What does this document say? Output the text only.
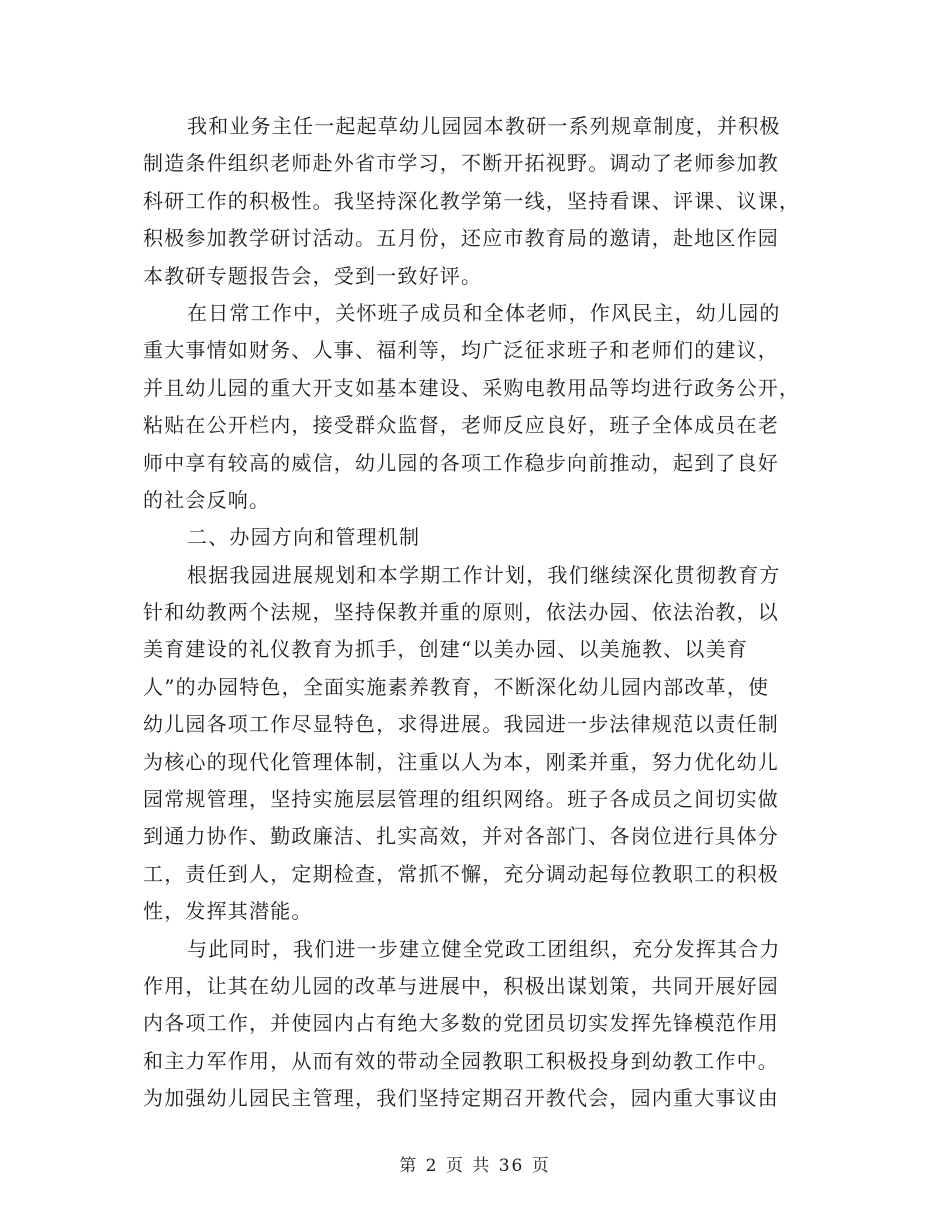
我和业务主任一起起草幼儿园园本教研一系列规章制度，并积极
制造条件组织老师赴外省市学习，不断开拓视野。调动了老师参加教
科研工作的积极性。我坚持深化教学第一线，坚持看课、评课、议课，
积极参加教学研讨活动。五月份，还应市教育局的邀请，赴地区作园
本教研专题报告会，受到一致好评。
在日常工作中，关怀班子成员和全体老师，作风民主，幼儿园的
重大事情如财务、人事、福利等，均广泛征求班子和老师们的建议，
并且幼儿园的重大开支如基本建设、采购电教用品等均进行政务公开，
粘贴在公开栏内，接受群众监督，老师反应良好，班子全体成员在老
师中享有较高的威信，幼儿园的各项工作稳步向前推动，起到了良好
的社会反响。
二、办园方向和管理机制
根据我园进展规划和本学期工作计划，我们继续深化贯彻教育方
针和幼教两个法规，坚持保教并重的原则，依法办园、依法治教，以
美育建设的礼仪教育为抓手，创建“以美办园、以美施教、以美育
人”的办园特色，全面实施素养教育，不断深化幼儿园内部改革，使
幼儿园各项工作尽显特色，求得进展。我园进一步法律规范以责任制
为核心的现代化管理体制，注重以人为本，刚柔并重，努力优化幼儿
园常规管理，坚持实施层层管理的组织网络。班子各成员之间切实做
到通力协作、勤政廉洁、扎实高效，并对各部门、各岗位进行具体分
工，责任到人，定期检查，常抓不懈，充分调动起每位教职工的积极
性，发挥其潜能。
与此同时，我们进一步建立健全党政工团组织，充分发挥其合力
作用，让其在幼儿园的改革与进展中，积极出谋划策，共同开展好园
内各项工作，并使园内占有绝大多数的党团员切实发挥先锋模范作用
和主力军作用，从而有效的带动全园教职工积极投身到幼教工作中。
为加强幼儿园民主管理，我们坚持定期召开教代会，园内重大事议由
第 2 页 共 36 页
